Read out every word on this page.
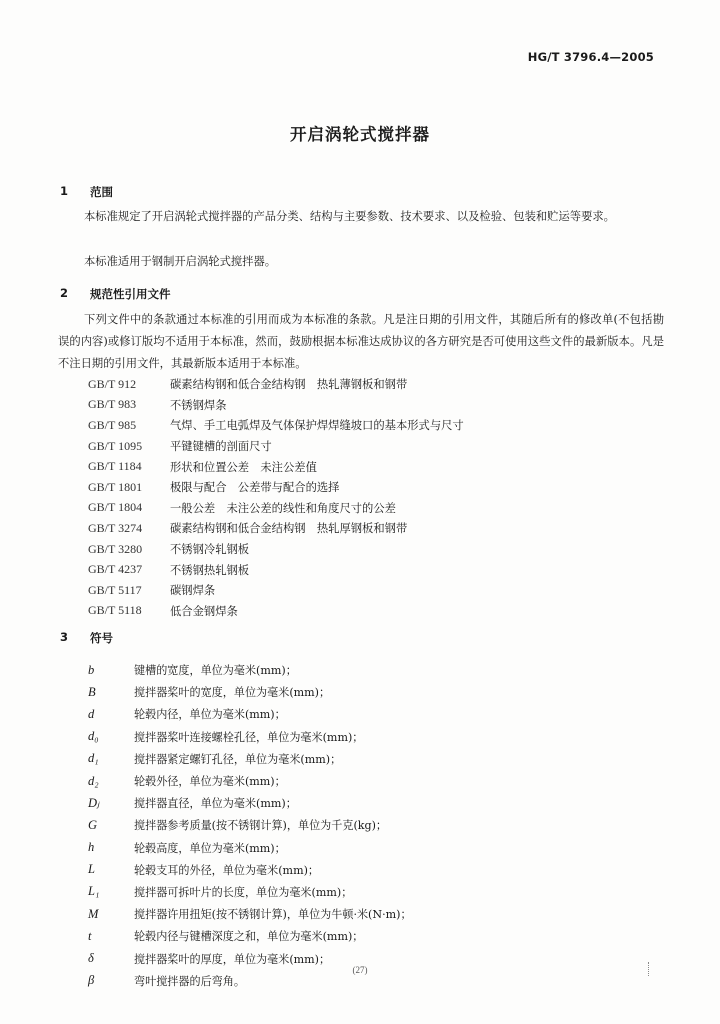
HG/T 3796.4—2005
开启涡轮式搅拌器
1 范围
本标准规定了开启涡轮式搅拌器的产品分类、结构与主要参数、技术要求、以及检验、包装和贮运等要求。
本标准适用于钢制开启涡轮式搅拌器。
2 规范性引用文件
下列文件中的条款通过本标准的引用而成为本标准的条款。凡是注日期的引用文件，其随后所有的修改单(不包括勘误的内容)或修订版均不适用于本标准，然而，鼓励根据本标准达成协议的各方研究是否可使用这些文件的最新版本。凡是不注日期的引用文件，其最新版本适用于本标准。
GB/T 912	碳素结构钢和低合金结构钢　热轧薄钢板和钢带
GB/T 983	不锈钢焊条
GB/T 985	气焊、手工电弧焊及气体保护焊焊缝坡口的基本形式与尺寸
GB/T 1095	平键键槽的剖面尺寸
GB/T 1184	形状和位置公差　未注公差值
GB/T 1801	极限与配合　公差带与配合的选择
GB/T 1804	一般公差　未注公差的线性和角度尺寸的公差
GB/T 3274	碳素结构钢和低合金结构钢　热轧厚钢板和钢带
GB/T 3280	不锈钢冷轧钢板
GB/T 4237	不锈钢热轧钢板
GB/T 5117	碳钢焊条
GB/T 5118	低合金钢焊条
3 符号
b	键槽的宽度，单位为毫米(mm)；
B	搅拌器桨叶的宽度，单位为毫米(mm)；
d	轮毂内径，单位为毫米(mm)；
d₀	搅拌器桨叶连接螺栓孔径，单位为毫米(mm)；
d₁	搅拌器紧定螺钉孔径，单位为毫米(mm)；
d₂	轮毂外径，单位为毫米(mm)；
Dⱼ	搅拌器直径，单位为毫米(mm)；
G	搅拌器参考质量(按不锈钢计算)，单位为千克(kg)；
h	轮毂高度，单位为毫米(mm)；
L	轮毂支耳的外径，单位为毫米(mm)；
L₁	搅拌器可拆叶片的长度，单位为毫米(mm)；
M	搅拌器许用扭矩(按不锈钢计算)，单位为牛顿·米(N·m)；
t	轮毂内径与键槽深度之和，单位为毫米(mm)；
δ	搅拌器桨叶的厚度，单位为毫米(mm)；
β	弯叶搅拌器的后弯角。
(27)
